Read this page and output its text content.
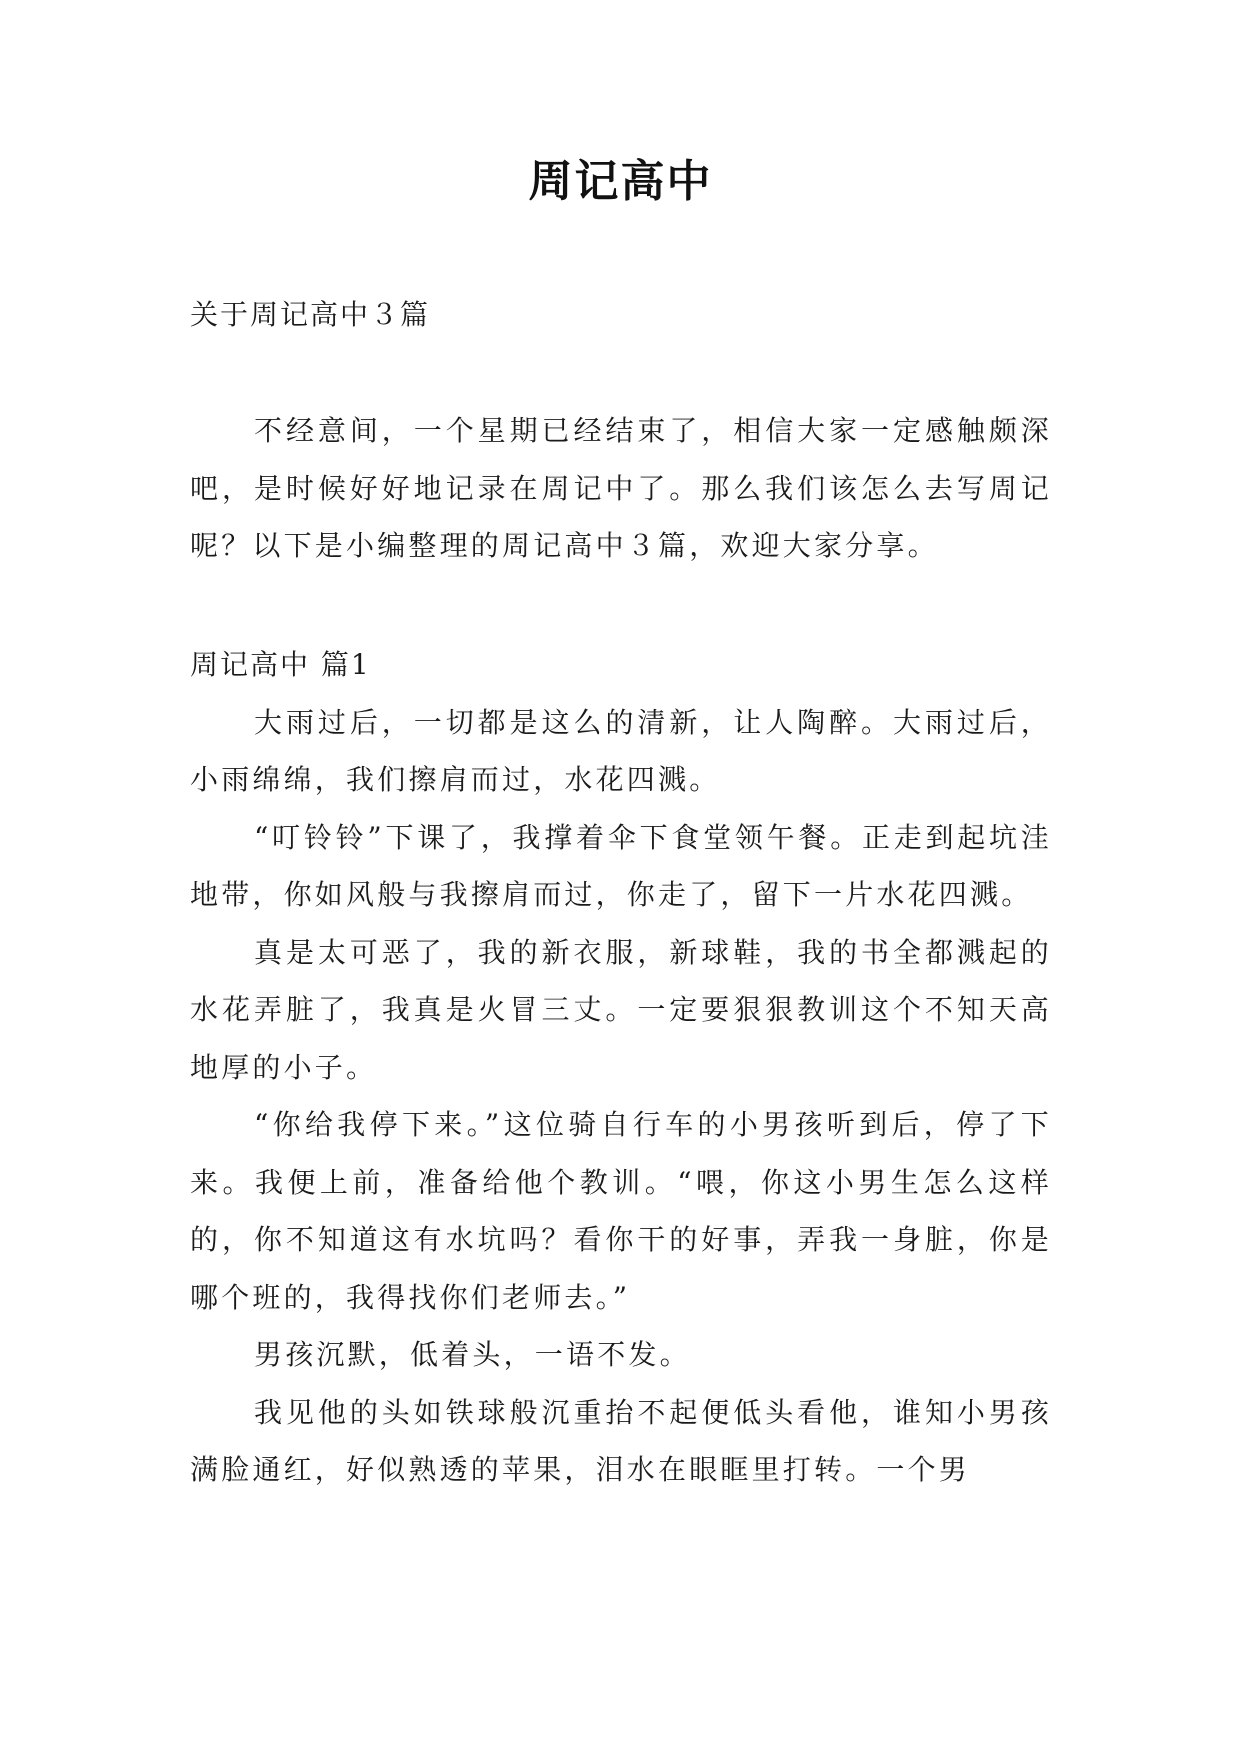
周记高中

关于周记高中３篇

不经意间，一个星期已经结束了，相信大家一定感触颇深吧，是时候好好地记录在周记中了。那么我们该怎么去写周记呢？以下是小编整理的周记高中３篇，欢迎大家分享。

周记高中 篇1

大雨过后，一切都是这么的清新，让人陶醉。大雨过后，小雨绵绵，我们擦肩而过，水花四溅。

“叮铃铃”下课了，我撑着伞下食堂领午餐。正走到起坑洼地带，你如风般与我擦肩而过，你走了，留下一片水花四溅。

真是太可恶了，我的新衣服，新球鞋，我的书全都溅起的水花弄脏了，我真是火冒三丈。一定要狠狠教训这个不知天高地厚的小子。

“你给我停下来。”这位骑自行车的小男孩听到后，停了下来。我便上前，准备给他个教训。“喂，你这小男生怎么这样的，你不知道这有水坑吗？看你干的好事，弄我一身脏，你是哪个班的，我得找你们老师去。”

男孩沉默，低着头，一语不发。

我见他的头如铁球般沉重抬不起便低头看他，谁知小男孩满脸通红，好似熟透的苹果，泪水在眼眶里打转。一个男
